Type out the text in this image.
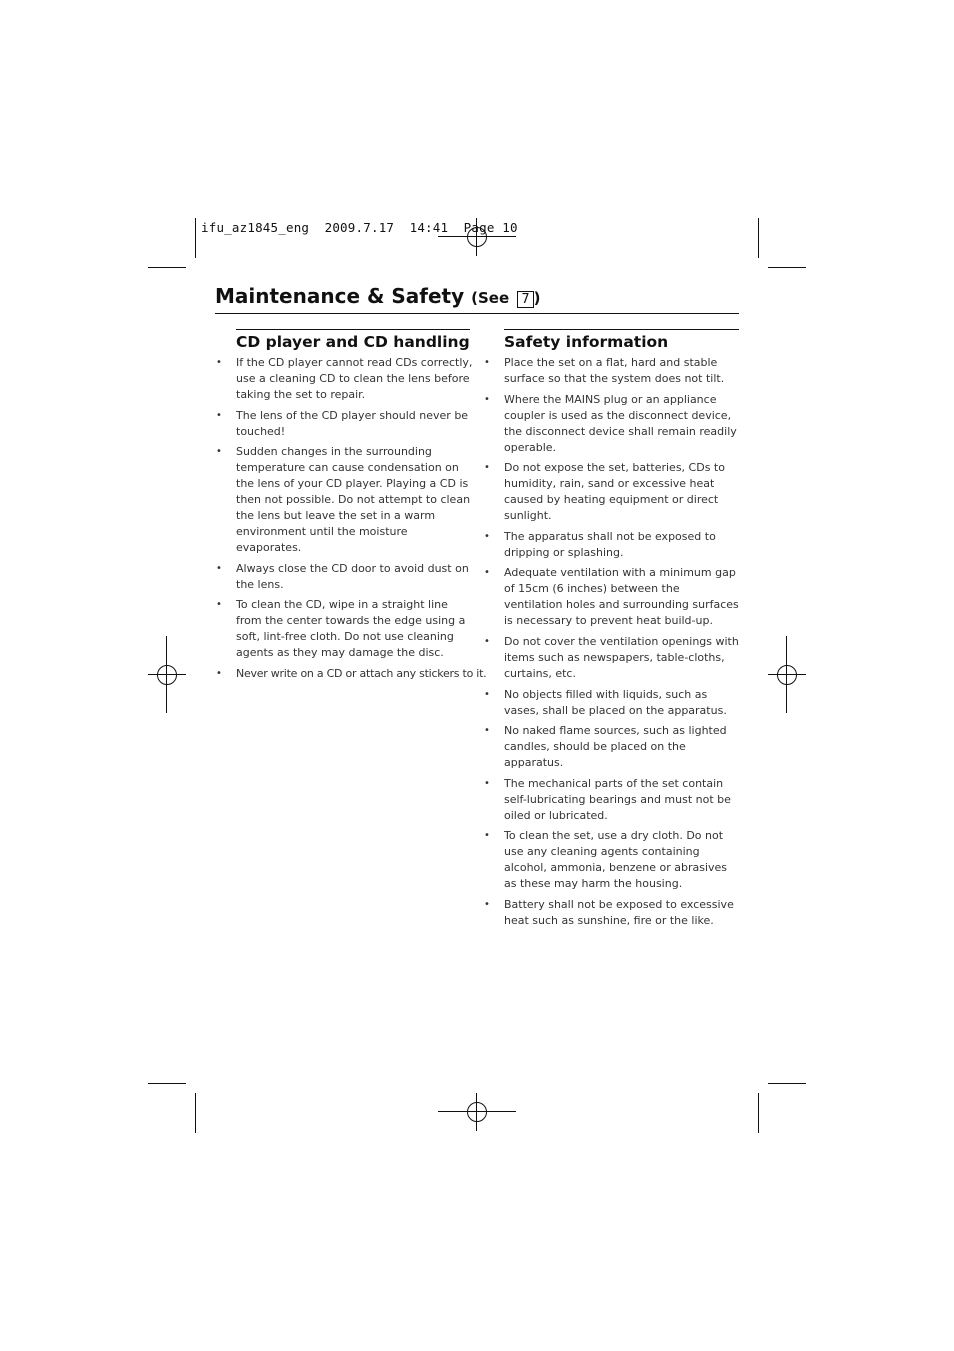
ifu_az1845_eng  2009.7.17  14:41  Page 10
Maintenance & Safety (See 7 )
CD player and CD handling
• If the CD player cannot read CDs correctly, use a cleaning CD to clean the lens before taking the set to repair.
• The lens of the CD player should never be touched!
• Sudden changes in the surrounding temperature can cause condensation on the lens of your CD player. Playing a CD is then not possible. Do not attempt to clean the lens but leave the set in a warm environment until the moisture evaporates.
• Always close the CD door to avoid dust on the lens.
• To clean the CD, wipe in a straight line from the center towards the edge using a soft, lint-free cloth. Do not use cleaning agents as they may damage the disc.
• Never write on a CD or attach any stickers to it.
Safety information
• Place the set on a flat, hard and stable surface so that the system does not tilt.
• Where the MAINS plug or an appliance coupler is used as the disconnect device, the disconnect device shall remain readily operable.
• Do not expose the set, batteries, CDs to humidity, rain, sand or excessive heat caused by heating equipment or direct sunlight.
• The apparatus shall not be exposed to dripping or splashing.
• Adequate ventilation with a minimum gap of 15cm (6 inches) between the ventilation holes and surrounding surfaces is necessary to prevent heat build-up.
• Do not cover the ventilation openings with items such as newspapers, table-cloths, curtains, etc.
• No objects filled with liquids, such as vases, shall be placed on the apparatus.
• No naked flame sources, such as lighted candles, should be placed on the apparatus.
• The mechanical parts of the set contain self-lubricating bearings and must not be oiled or lubricated.
• To clean the set, use a dry cloth. Do not use any cleaning agents containing alcohol, ammonia, benzene or abrasives as these may harm the housing.
• Battery shall not be exposed to excessive heat such as sunshine, fire or the like.
